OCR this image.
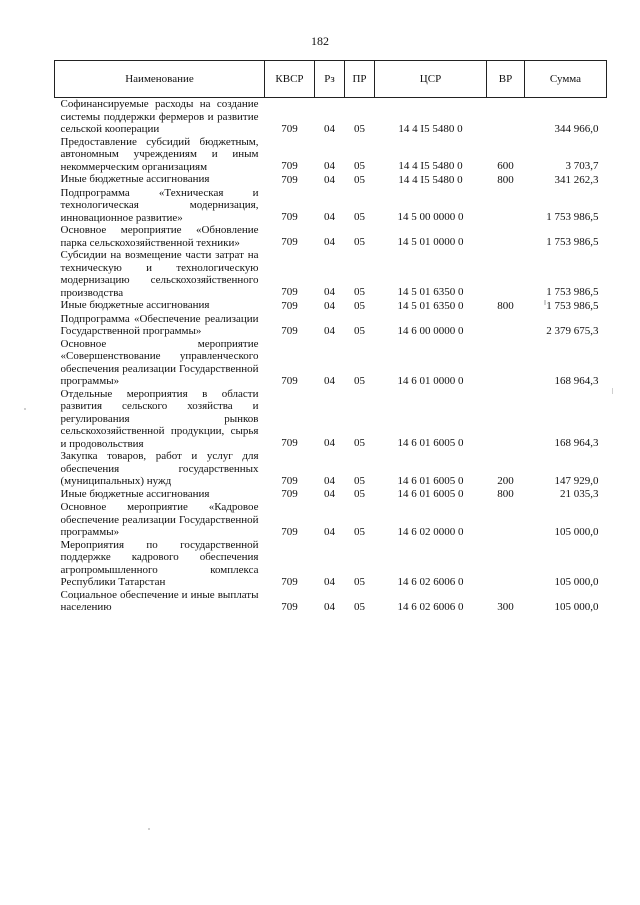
182
Наименование	КВСР	Рз	ПР	ЦСР	ВР	Сумма
Софинансируемые расходы на создание системы поддержки фермеров и развитие сельской кооперации	709	04	05	14 4 I5 5480 0		344 966,0
Предоставление субсидий бюджетным, автономным учреждениям и иным некоммерческим организациям	709	04	05	14 4 I5 5480 0	600	3 703,7
Иные бюджетные ассигнования	709	04	05	14 4 I5 5480 0	800	341 262,3
Подпрограмма «Техническая и технологическая модернизация, инновационное развитие»	709	04	05	14 5 00 0000 0		1 753 986,5
Основное мероприятие «Обновление парка сельскохозяйственной техники»	709	04	05	14 5 01 0000 0		1 753 986,5
Субсидии на возмещение части затрат на техническую и технологическую модернизацию сельскохозяйственного производства	709	04	05	14 5 01 6350 0		1 753 986,5
Иные бюджетные ассигнования	709	04	05	14 5 01 6350 0	800	1 753 986,5
Подпрограмма «Обеспечение реализации Государственной программы»	709	04	05	14 6 00 0000 0		2 379 675,3
Основное мероприятие «Совершенствование управленческого обеспечения реализации Государственной программы»	709	04	05	14 6 01 0000 0		168 964,3
Отдельные мероприятия в области развития сельского хозяйства и регулирования рынков сельскохозяйственной продукции, сырья и продовольствия	709	04	05	14 6 01 6005 0		168 964,3
Закупка товаров, работ и услуг для обеспечения государственных (муниципальных) нужд	709	04	05	14 6 01 6005 0	200	147 929,0
Иные бюджетные ассигнования	709	04	05	14 6 01 6005 0	800	21 035,3
Основное мероприятие «Кадровое обеспечение реализации Государственной программы»	709	04	05	14 6 02 0000 0		105 000,0
Мероприятия по государственной поддержке кадрового обеспечения агропромышленного комплекса Республики Татарстан	709	04	05	14 6 02 6006 0		105 000,0
Социальное обеспечение и иные выплаты населению	709	04	05	14 6 02 6006 0	300	105 000,0
